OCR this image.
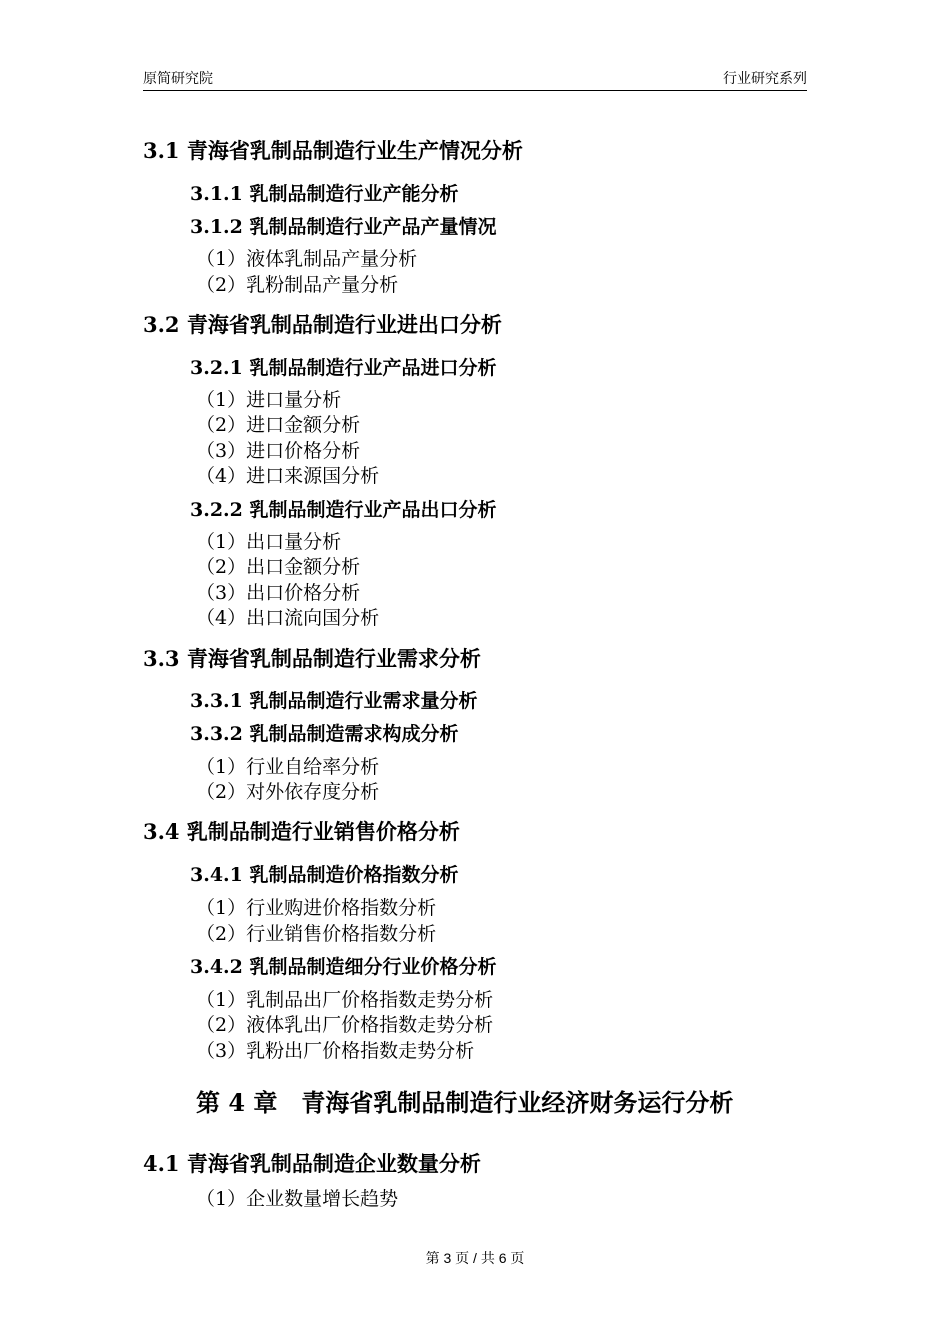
原简研究院	行业研究系列
3.1 青海省乳制品制造行业生产情况分析
3.1.1 乳制品制造行业产能分析
3.1.2 乳制品制造行业产品产量情况
（1）液体乳制品产量分析
（2）乳粉制品产量分析
3.2 青海省乳制品制造行业进出口分析
3.2.1 乳制品制造行业产品进口分析
（1）进口量分析
（2）进口金额分析
（3）进口价格分析
（4）进口来源国分析
3.2.2 乳制品制造行业产品出口分析
（1）出口量分析
（2）出口金额分析
（3）出口价格分析
（4）出口流向国分析
3.3 青海省乳制品制造行业需求分析
3.3.1 乳制品制造行业需求量分析
3.3.2 乳制品制造需求构成分析
（1）行业自给率分析
（2）对外依存度分析
3.4 乳制品制造行业销售价格分析
3.4.1 乳制品制造价格指数分析
（1）行业购进价格指数分析
（2）行业销售价格指数分析
3.4.2 乳制品制造细分行业价格分析
（1）乳制品出厂价格指数走势分析
（2）液体乳出厂价格指数走势分析
（3）乳粉出厂价格指数走势分析
第 4 章　青海省乳制品制造行业经济财务运行分析
4.1 青海省乳制品制造企业数量分析
（1）企业数量增长趋势
第 3 页 / 共 6 页
